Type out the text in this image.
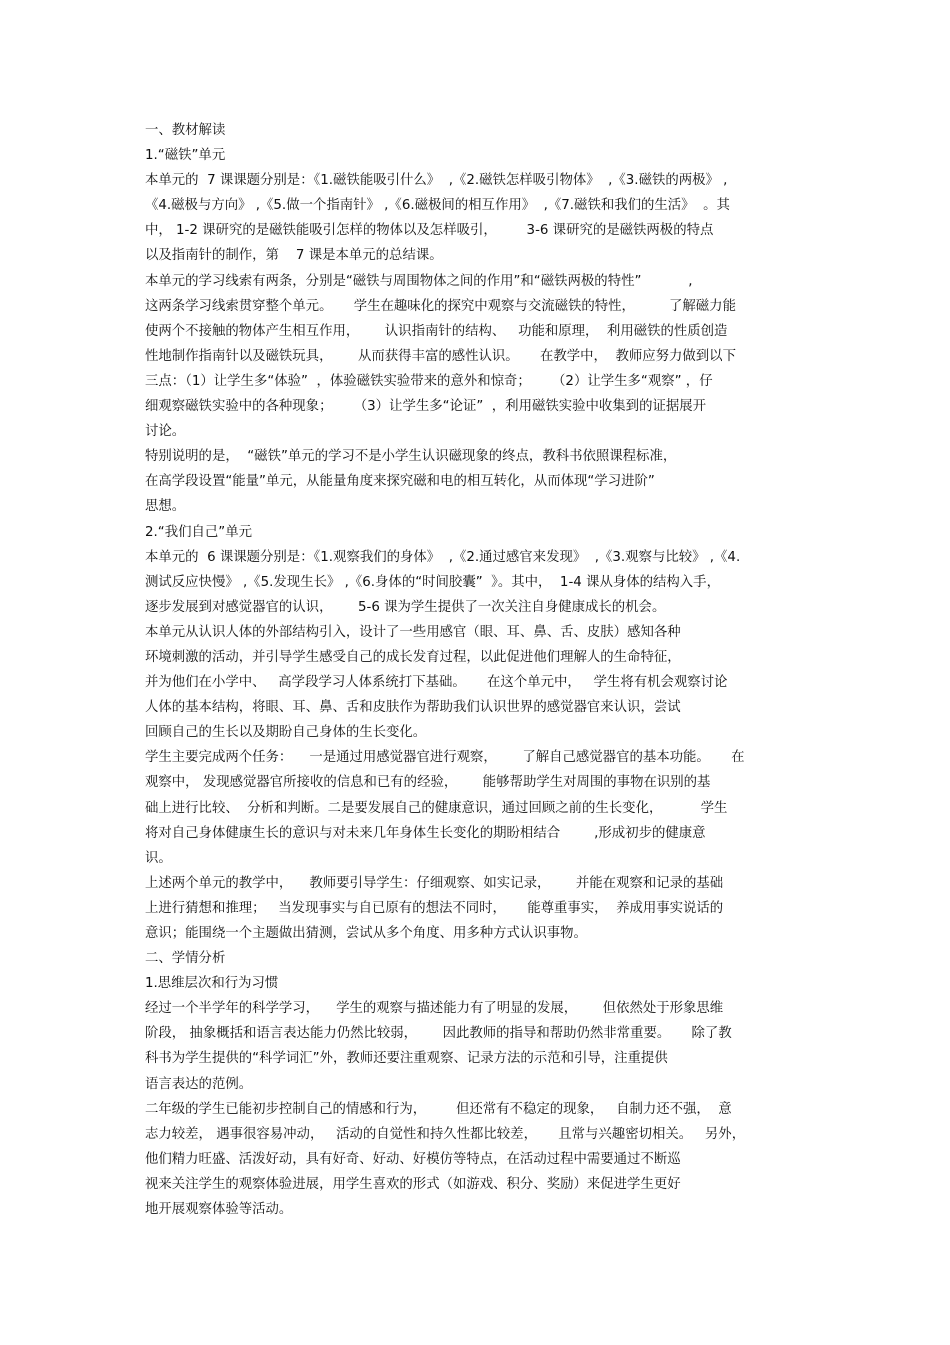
一、教材解读
1.“磁铁”单元
本单元的  7 课课题分别是：《1.磁铁能吸引什么》  ,《2.磁铁怎样吸引物体》  ,《3.磁铁的两极》 ,
《4.磁极与方向》 ,《5.做一个指南针》 ,《6.磁极间的相互作用》  ,《7.磁铁和我们的生活》  。其
中， 1-2 课研究的是磁铁能吸引怎样的物体以及怎样吸引，       3-6 课研究的是磁铁两极的特点
以及指南针的制作，第    7 课是本单元的总结课。
本单元的学习线索有两条，分别是“磁铁与周围物体之间的作用”和“磁铁两极的特性”           ,
这两条学习线索贯穿整个单元。     学生在趣味化的探究中观察与交流磁铁的特性，        了解磁力能
使两个不接触的物体产生相互作用，      认识指南针的结构、   功能和原理，  利用磁铁的性质创造
性地制作指南针以及磁铁玩具，      从而获得丰富的感性认识。     在教学中，  教师应努力做到以下
三点：（1）让学生多“体验”  ，体验磁铁实验带来的意外和惊奇；     （2）让学生多“观察” ，仔
细观察磁铁实验中的各种现象；     （3）让学生多“论证”  ，利用磁铁实验中收集到的证据展开
讨论。
特别说明的是，  “磁铁”单元的学习不是小学生认识磁现象的终点，教科书依照课程标准，
在高学段设置“能量”单元，从能量角度来探究磁和电的相互转化，从而体现“学习进阶”
思想。
2.“我们自己”单元
本单元的  6 课课题分别是：《1.观察我们的身体》  ,《2.通过感官来发现》  ,《3.观察与比较》 ,《4.
测试反应快慢》 ,《5.发现生长》 ,《6.身体的“时间胶囊”  》。其中，  1-4 课从身体的结构入手，
逐步发展到对感觉器官的认识，      5-6 课为学生提供了一次关注自身健康成长的机会。
本单元从认识人体的外部结构引入，设计了一些用感官（眼、耳、鼻、舌、皮肤）感知各种
环境刺激的活动，并引导学生感受自己的成长发育过程，以此促进他们理解人的生命特征，
并为他们在小学中、   高学段学习人体系统打下基础。     在这个单元中，   学生将有机会观察讨论
人体的基本结构，将眼、耳、鼻、舌和皮肤作为帮助我们认识世界的感觉器官来认识，尝试
回顾自己的生长以及期盼自己身体的生长变化。
学生主要完成两个任务：    一是通过用感觉器官进行观察，      了解自己感觉器官的基本功能。     在
观察中， 发现感觉器官所接收的信息和已有的经验，      能够帮助学生对周围的事物在识别的基
础上进行比较、  分析和判断。二是要发展自己的健康意识，通过回顾之前的生长变化，         学生
将对自己身体健康生长的意识与对未来几年身体生长变化的期盼相结合        ,形成初步的健康意
识。
上述两个单元的教学中，    教师要引导学生：仔细观察、如实记录，      并能在观察和记录的基础
上进行猜想和推理；   当发现事实与自已原有的想法不同时，     能尊重事实，  养成用事实说话的
意识；能围绕一个主题做出猜测，尝试从多个角度、用多种方式认识事物。
二、学情分析
1.思维层次和行为习惯
经过一个半学年的科学学习，    学生的观察与描述能力有了明显的发展，      但依然处于形象思维
阶段， 抽象概括和语言表达能力仍然比较弱，      因此教师的指导和帮助仍然非常重要。     除了教
科书为学生提供的“科学词汇”外，教师还要注重观察、记录方法的示范和引导，注重提供
语言表达的范例。
二年级的学生已能初步控制自己的情感和行为，       但还常有不稳定的现象，   自制力还不强，  意
志力较差， 遇事很容易冲动，   活动的自觉性和持久性都比较差，     且常与兴趣密切相关。   另外，
他们精力旺盛、活泼好动，具有好奇、好动、好模仿等特点，在活动过程中需要通过不断巡
视来关注学生的观察体验进展，用学生喜欢的形式（如游戏、积分、奖励）来促进学生更好
地开展观察体验等活动。
